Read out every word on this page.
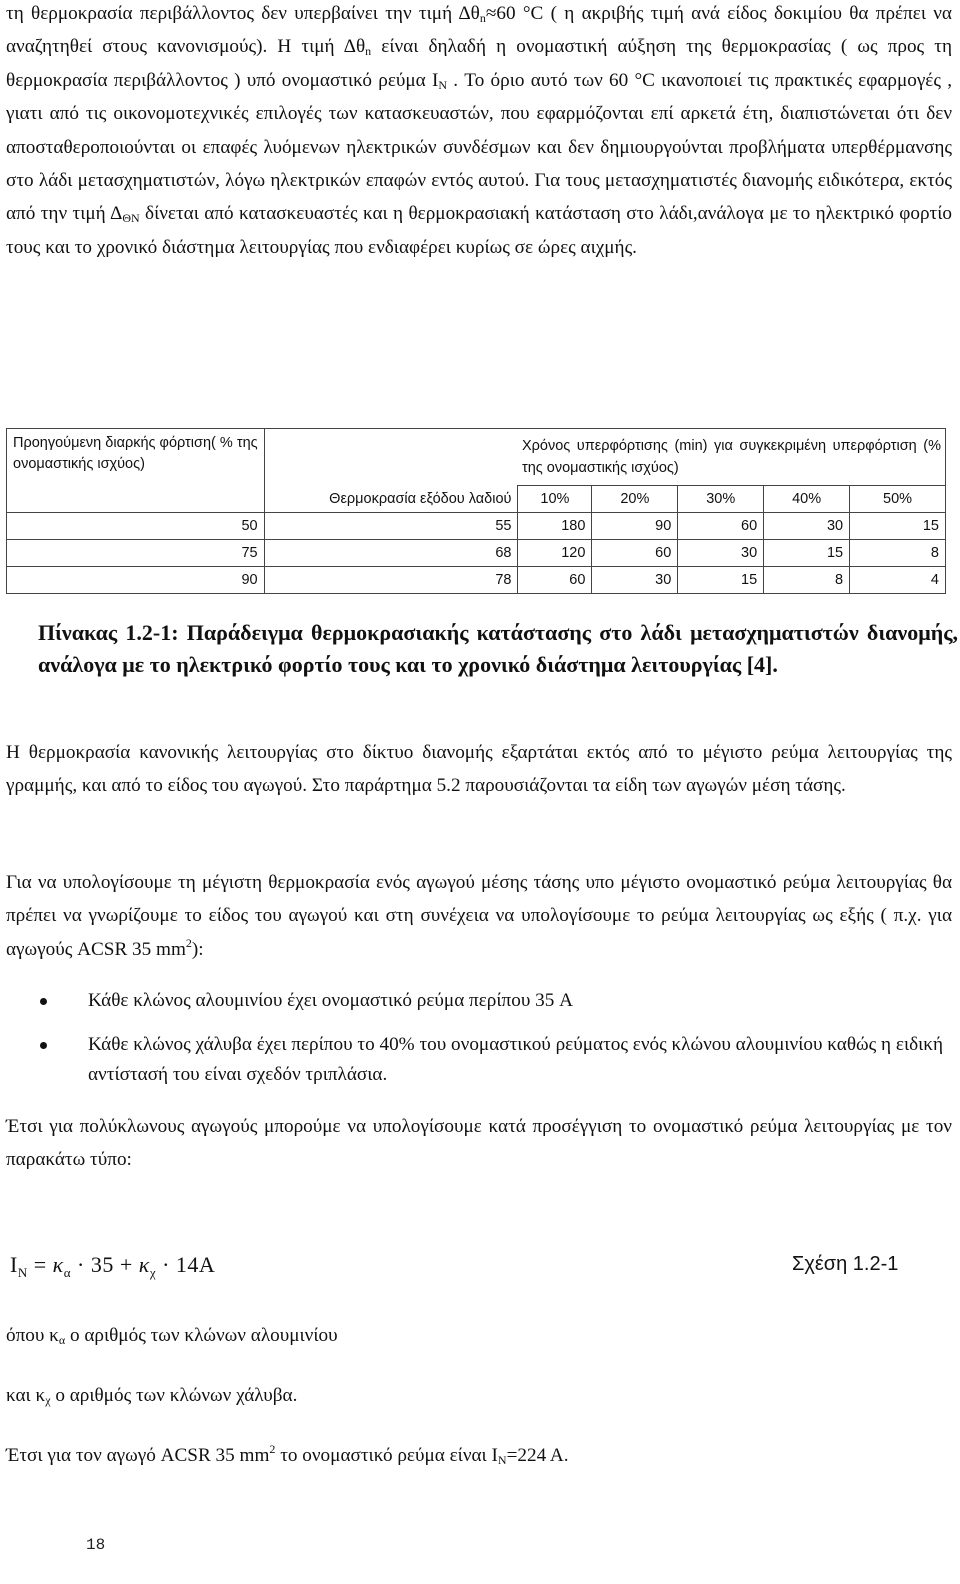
τη θερμοκρασία περιβάλλοντος δεν υπερβαίνει την τιμή $\Delta\theta_n\approx 60$ °C ( η ακριβής τιμή ανά είδος δοκιμίου θα πρέπει να αναζητηθεί στους κανονισμούς). Η τιμή $\Delta\theta_n$ είναι δηλαδή η ονομαστική αύξηση της θερμοκρασίας ( ως προς τη θερμοκρασία περιβάλλοντος ) υπό ονομαστικό ρεύμα $I_N$ . Το όριο αυτό των 60 °C ικανοποιεί τις πρακτικές εφαρμογές , γιατι από τις οικονομοτεχνικές επιλογές των κατασκευαστών, που εφαρμόζονται επί αρκετά έτη, διαπιστώνεται ότι δεν αποσταθεροποιούνται οι επαφές λυόμενων ηλεκτρικών συνδέσμων και δεν δημιουργούνται προβλήματα υπερθέρμανσης στο λάδι μετασχηματιστών, λόγω ηλεκτρικών επαφών εντός αυτού. Για τους μετασχηματιστές διανομής ειδικότερα, εκτός από την τιμή $\Delta_{\Theta N}$ δίνεται από κατασκευαστές και η θερμοκρασιακή κατάσταση στο λάδι,ανάλογα με το ηλεκτρικό φορτίο τους και το χρονικό διάστημα λειτουργίας που ενδιαφέρει κυρίως σε ώρες αιχμής.
Προηγούμενη διαρκής φόρτιση( % της ονομαστικής ισχύος)		Χρόνος υπερφόρτισης (min) για συγκεκριμένη υπερφόρτιση (% της ονομαστικής ισχύος)				
	Θερμοκρασία εξόδου λαδιού	10%	20%	30%	40%	50%
50	55	180	90	60	30	15
75	68	120	60	30	15	8
90	78	60	30	15	8	4
Πίνακας 1.2-1: Παράδειγμα θερμοκρασιακής κατάστασης στο λάδι μετασχηματιστών διανομής, ανάλογα με το ηλεκτρικό φορτίο τους και το χρονικό διάστημα λειτουργίας [4].
Η θερμοκρασία κανονικής λειτουργίας στο δίκτυο διανομής εξαρτάται εκτός από το μέγιστο ρεύμα λειτουργίας της γραμμής, και από το είδος του αγωγού. Στο παράρτημα 5.2 παρουσιάζονται τα είδη των αγωγών μέση τάσης.
Για να υπολογίσουμε τη μέγιστη θερμοκρασία ενός αγωγού μέσης τάσης υπο μέγιστο ονομαστικό ρεύμα λειτουργίας θα πρέπει να γνωρίζουμε το είδος του αγωγού και στη συνέχεια να υπολογίσουμε το ρεύμα λειτουργίας ως εξής ( π.χ. για αγωγούς ACSR 35 $mm^2$):
Κάθε κλώνος αλουμινίου έχει ονομαστικό ρεύμα περίπου 35 A
Κάθε κλώνος χάλυβα έχει περίπου το 40% του ονομαστικού ρεύματος ενός κλώνου αλουμινίου καθώς η ειδική αντίστασή του είναι σχεδόν τριπλάσια.
Έτσι για πολύκλωνους αγωγούς μπορούμε να υπολογίσουμε κατά προσέγγιση το ονομαστικό ρεύμα λειτουργίας με τον παρακάτω τύπο:
$I_N = \kappa_\alpha \cdot 35 + \kappa_\chi \cdot 14A$	Σχέση 1.2-1
όπου $\kappa_\alpha$ ο αριθμός των κλώνων αλουμινίου
και $\kappa_\chi$ ο αριθμός των κλώνων χάλυβα.
Έτσι για τον αγωγό ACSR 35 $mm^2$ το ονομαστικό ρεύμα είναι $I_N=224$ A.
18
